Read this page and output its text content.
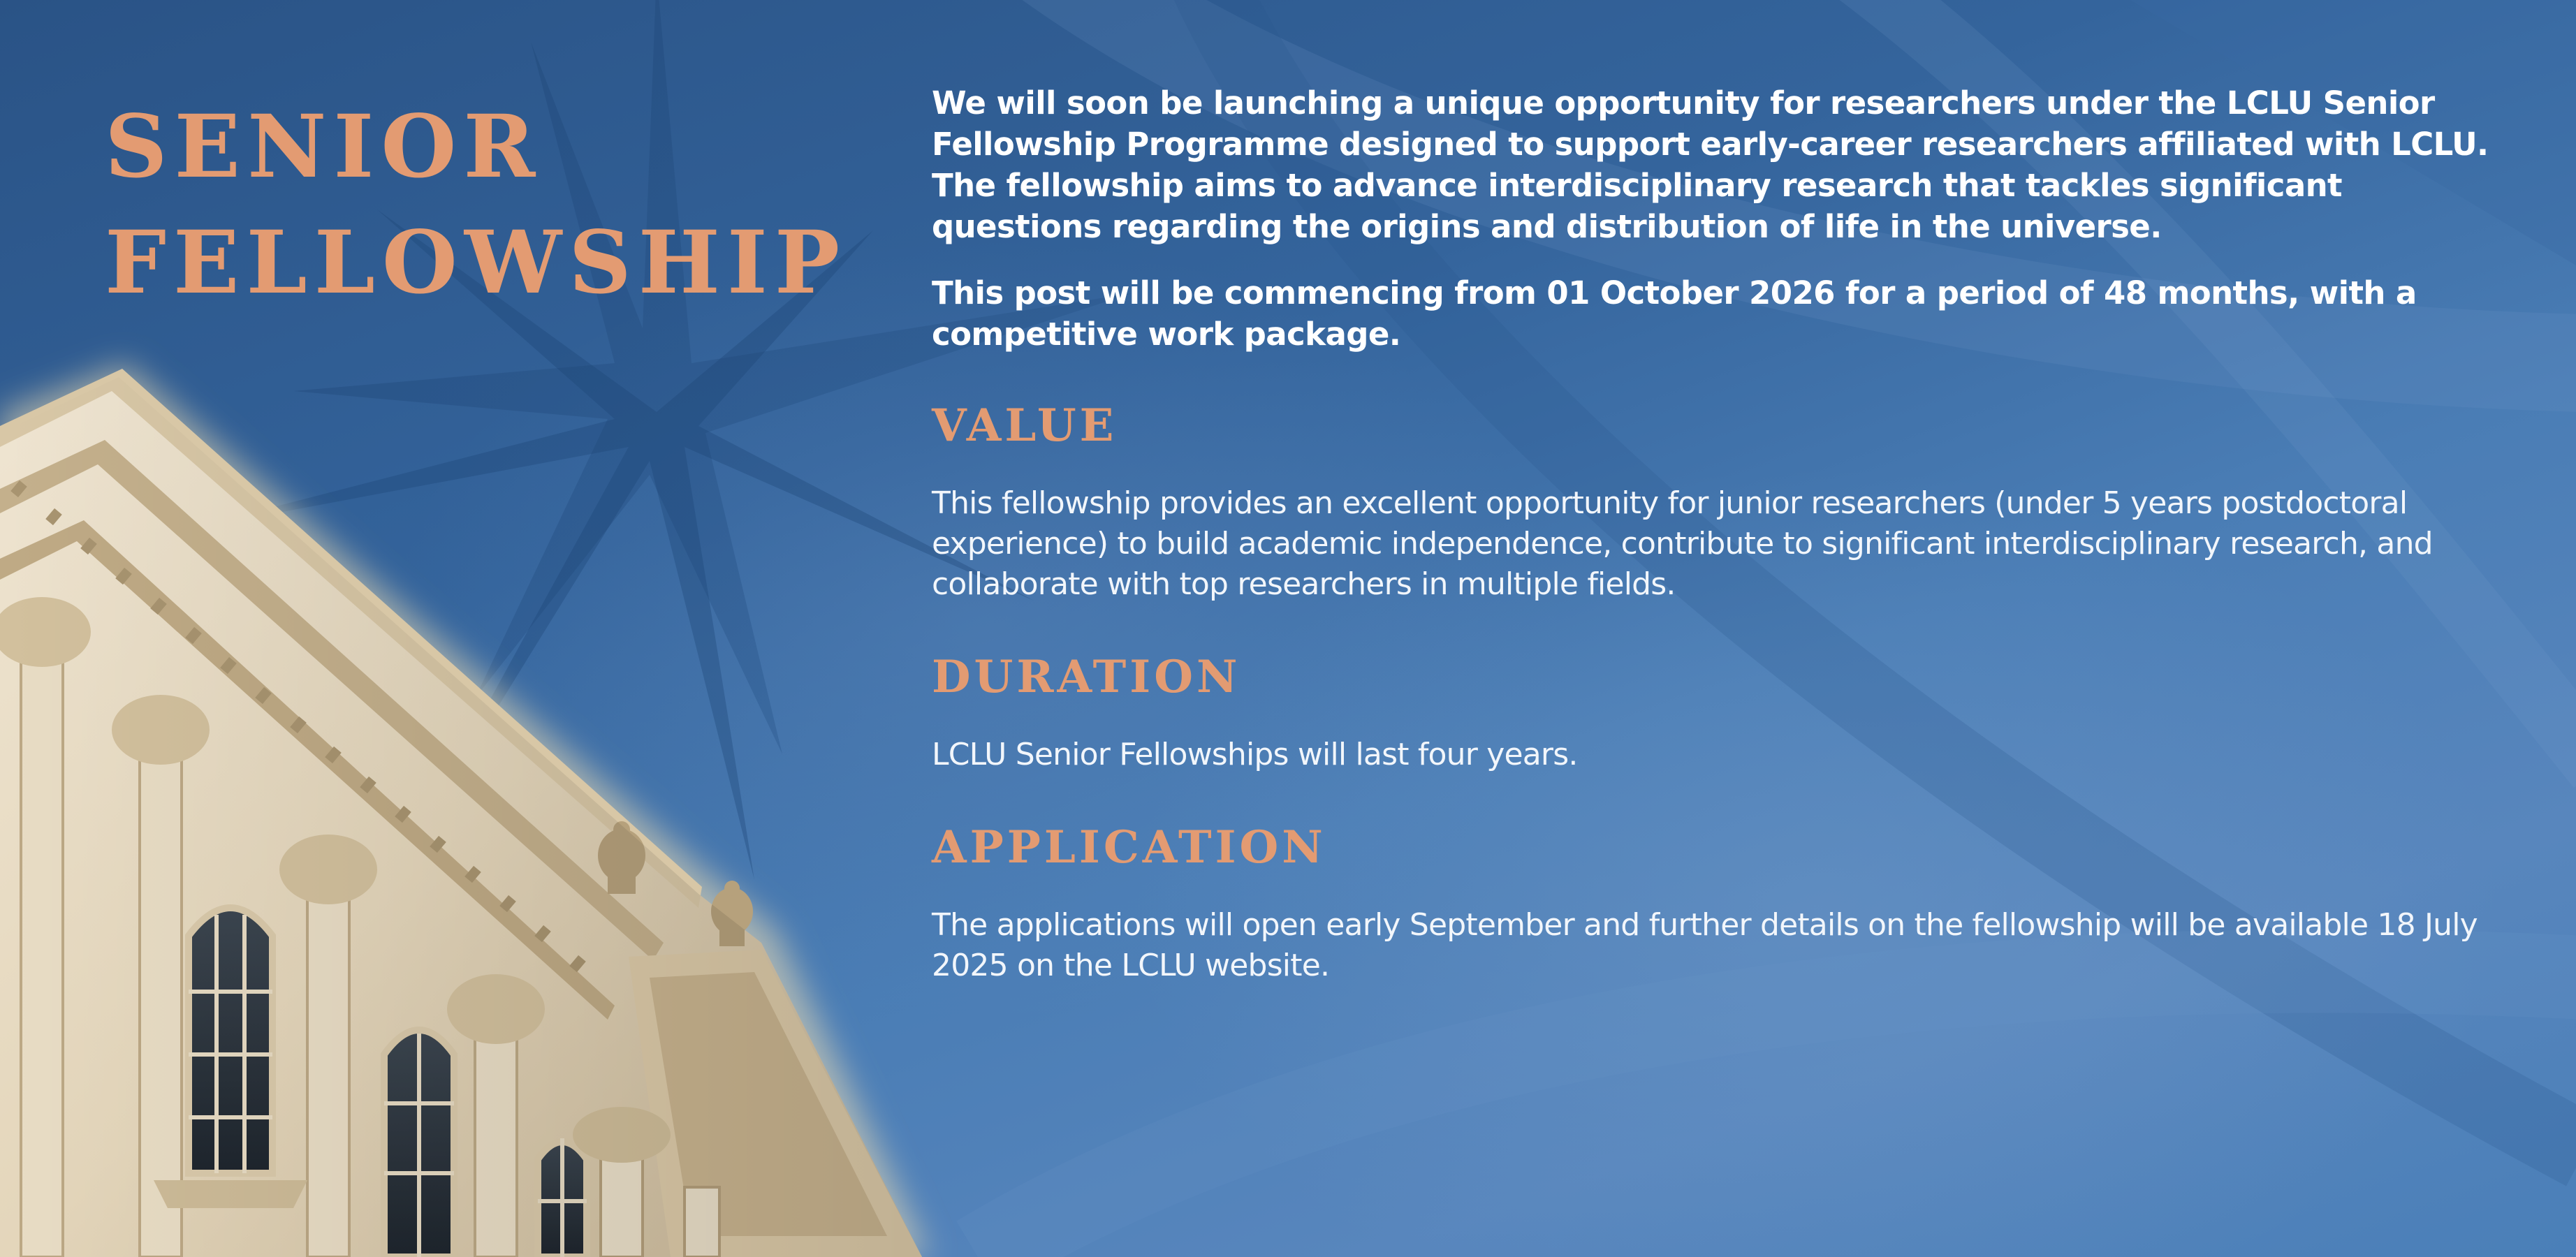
SENIOR
FELLOWSHIP

We will soon be launching a unique opportunity for researchers under the LCLU Senior Fellowship Programme designed to support early-career researchers affiliated with LCLU. The fellowship aims to advance interdisciplinary research that tackles significant questions regarding the origins and distribution of life in the universe.

This post will be commencing from 01 October 2026 for a period of 48 months, with a competitive work package.

VALUE

This fellowship provides an excellent opportunity for junior researchers (under 5 years postdoctoral experience) to build academic independence, contribute to significant interdisciplinary research, and collaborate with top researchers in multiple fields.

DURATION

LCLU Senior Fellowships will last four years.

APPLICATION

The applications will open early September and further details on the fellowship will be available 18 July 2025 on the LCLU website.
